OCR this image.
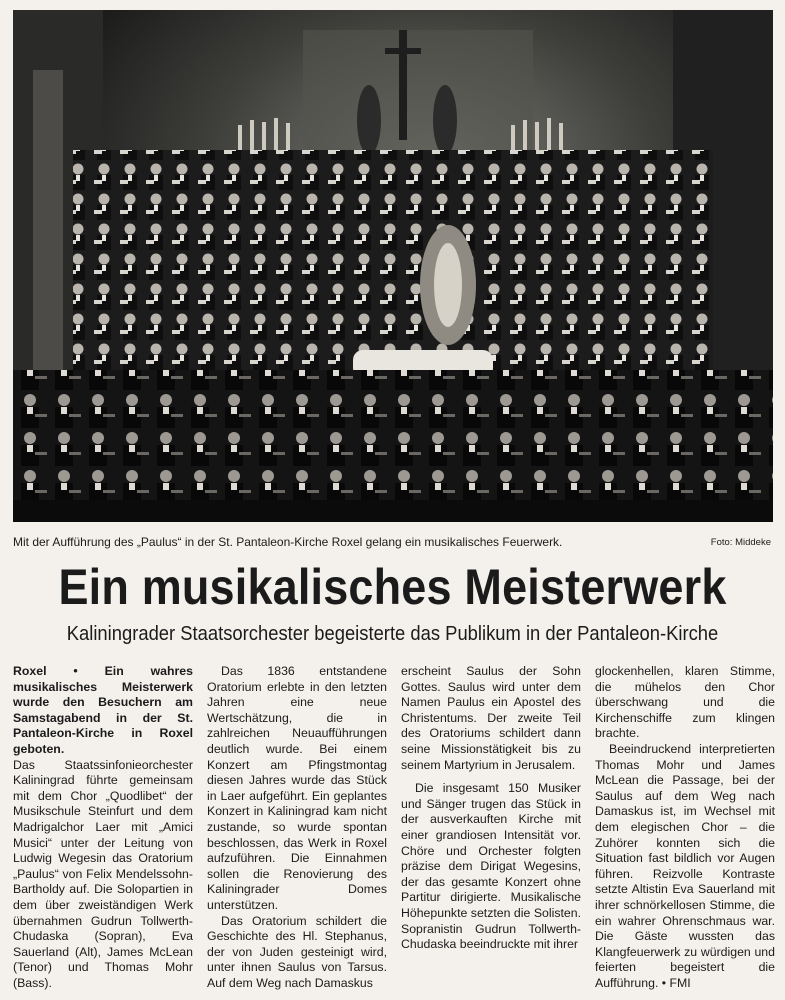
Mit der Aufführung des „Paulus“ in der St. Pantaleon-Kirche Roxel gelang ein musikalisches Feuerwerk.	Foto: Middeke
Ein musikalisches Meisterwerk
Kaliningrader Staatsorchester begeisterte das Publikum in der Pantaleon-Kirche

Roxel • Ein wahres musikalisches Meisterwerk wurde den Besuchern am Samstagabend in der St. Pantaleon-Kirche in Roxel geboten.

Das Staatssinfonieorchester Kaliningrad führte gemeinsam mit dem Chor „Quodlibet“ der Musikschule Steinfurt und dem Madrigalchor Laer mit „Amici Musici“ unter der Leitung von Ludwig Wegesin das Oratorium „Paulus“ von Felix Mendelssohn-Bartholdy auf. Die Solopartien in dem über zweiständigen Werk übernahmen Gudrun Tollwerth-Chudaska (Sopran), Eva Sauerland (Alt), James McLean (Tenor) und Thomas Mohr (Bass).

Das 1836 entstandene Oratorium erlebte in den letzten Jahren eine neue Wertschätzung, die in zahlreichen Neuaufführungen deutlich wurde. Bei einem Konzert am Pfingstmontag diesen Jahres wurde das Stück in Laer aufgeführt. Ein geplantes Konzert in Kaliningrad kam nicht zustande, so wurde spontan beschlossen, das Werk in Roxel aufzuführen. Die Einnahmen sollen die Renovierung des Kaliningrader Domes unterstützen.

Das Oratorium schildert die Geschichte des Hl. Stephanus, der von Juden gesteinigt wird, unter ihnen Saulus von Tarsus. Auf dem Weg nach Damaskus

erscheint Saulus der Sohn Gottes. Saulus wird unter dem Namen Paulus ein Apostel des Christentums. Der zweite Teil des Oratoriums schildert dann seine Missionstätigkeit bis zu seinem Martyrium in Jerusalem.

Die insgesamt 150 Musiker und Sänger trugen das Stück in der ausverkauften Kirche mit einer grandiosen Intensität vor. Chöre und Orchester folgten präzise dem Dirigat Wegesins, der das gesamte Konzert ohne Partitur dirigierte. Musikalische Höhepunkte setzten die Solisten. Sopranistin Gudrun Tollwerth-Chudaska beeindruckte mit ihrer

glockenhellen, klaren Stimme, die mühelos den Chor überschwang und die Kirchenschiffe zum klingen brachte.

Beeindruckend interpretierten Thomas Mohr und James McLean die Passage, bei der Saulus auf dem Weg nach Damaskus ist, im Wechsel mit dem elegischen Chor – die Zuhörer konnten sich die Situation fast bildlich vor Augen führen. Reizvolle Kontraste setzte Altistin Eva Sauerland mit ihrer schnörkellosen Stimme, die ein wahrer Ohrenschmaus war. Die Gäste wussten das Klangfeuerwerk zu würdigen und feierten begeistert die Aufführung. • FMI
